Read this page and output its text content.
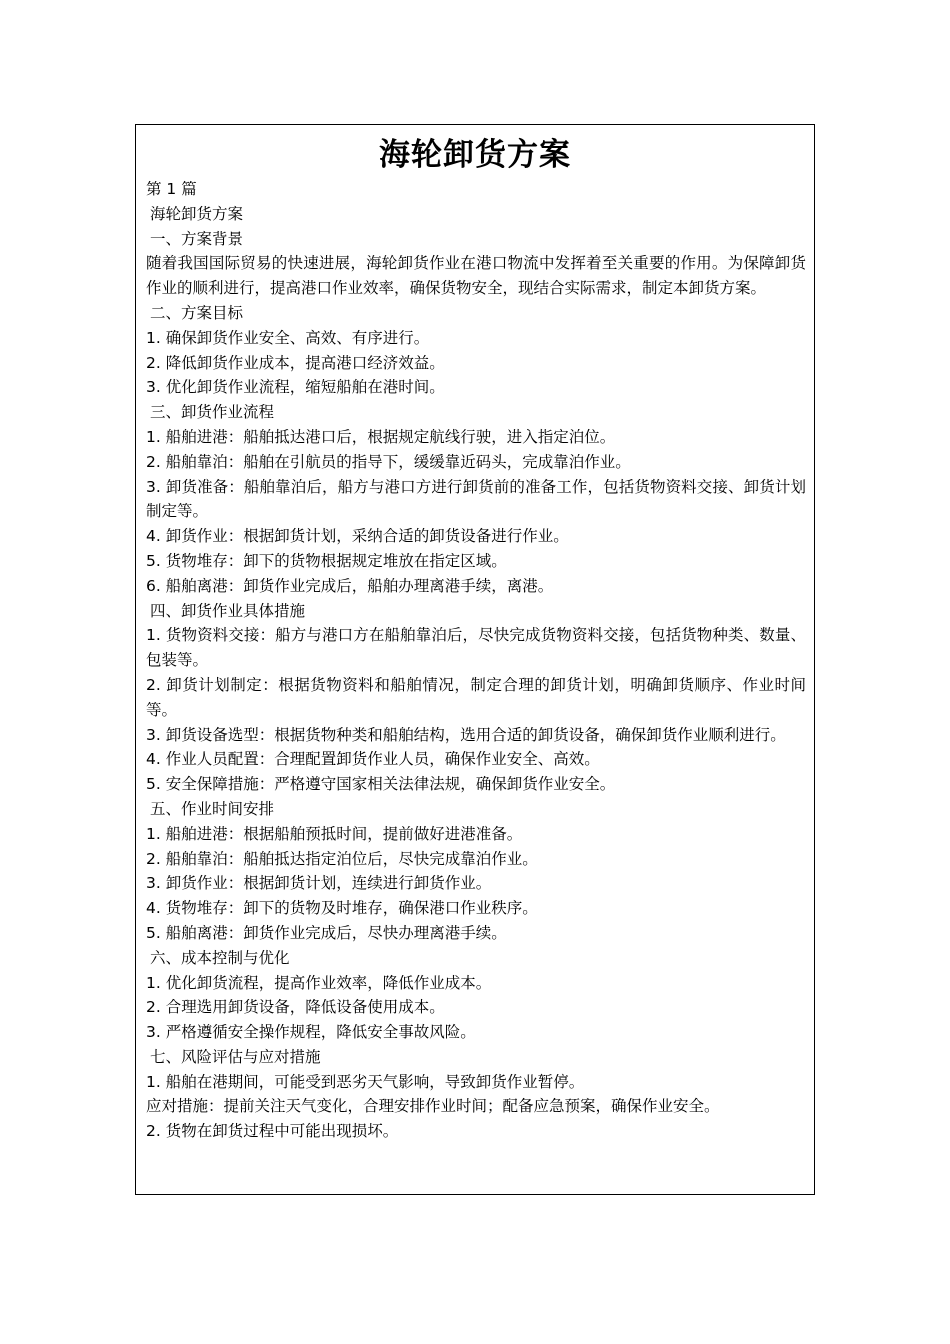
海轮卸货方案

第 1 篇

海轮卸货方案

一、方案背景

随着我国国际贸易的快速进展，海轮卸货作业在港口物流中发挥着至关重要的作用。为保障卸货作业的顺利进行，提高港口作业效率，确保货物安全，现结合实际需求，制定本卸货方案。

二、方案目标

1. 确保卸货作业安全、高效、有序进行。

2. 降低卸货作业成本，提高港口经济效益。

3. 优化卸货作业流程，缩短船舶在港时间。

三、卸货作业流程

1. 船舶进港：船舶抵达港口后，根据规定航线行驶，进入指定泊位。

2. 船舶靠泊：船舶在引航员的指导下，缓缓靠近码头，完成靠泊作业。

3. 卸货准备：船舶靠泊后，船方与港口方进行卸货前的准备工作，包括货物资料交接、卸货计划制定等。

4. 卸货作业：根据卸货计划，采纳合适的卸货设备进行作业。

5. 货物堆存：卸下的货物根据规定堆放在指定区域。

6. 船舶离港：卸货作业完成后，船舶办理离港手续，离港。

四、卸货作业具体措施

1. 货物资料交接：船方与港口方在船舶靠泊后，尽快完成货物资料交接，包括货物种类、数量、包装等。

2. 卸货计划制定：根据货物资料和船舶情况，制定合理的卸货计划，明确卸货顺序、作业时间等。

3. 卸货设备选型：根据货物种类和船舶结构，选用合适的卸货设备，确保卸货作业顺利进行。

4. 作业人员配置：合理配置卸货作业人员，确保作业安全、高效。

5. 安全保障措施：严格遵守国家相关法律法规，确保卸货作业安全。

五、作业时间安排

1. 船舶进港：根据船舶预抵时间，提前做好进港准备。

2. 船舶靠泊：船舶抵达指定泊位后，尽快完成靠泊作业。

3. 卸货作业：根据卸货计划，连续进行卸货作业。

4. 货物堆存：卸下的货物及时堆存，确保港口作业秩序。

5. 船舶离港：卸货作业完成后，尽快办理离港手续。

六、成本控制与优化

1. 优化卸货流程，提高作业效率，降低作业成本。

2. 合理选用卸货设备，降低设备使用成本。

3. 严格遵循安全操作规程，降低安全事故风险。

七、风险评估与应对措施

1. 船舶在港期间，可能受到恶劣天气影响，导致卸货作业暂停。

应对措施：提前关注天气变化，合理安排作业时间；配备应急预案，确保作业安全。

2. 货物在卸货过程中可能出现损坏。
